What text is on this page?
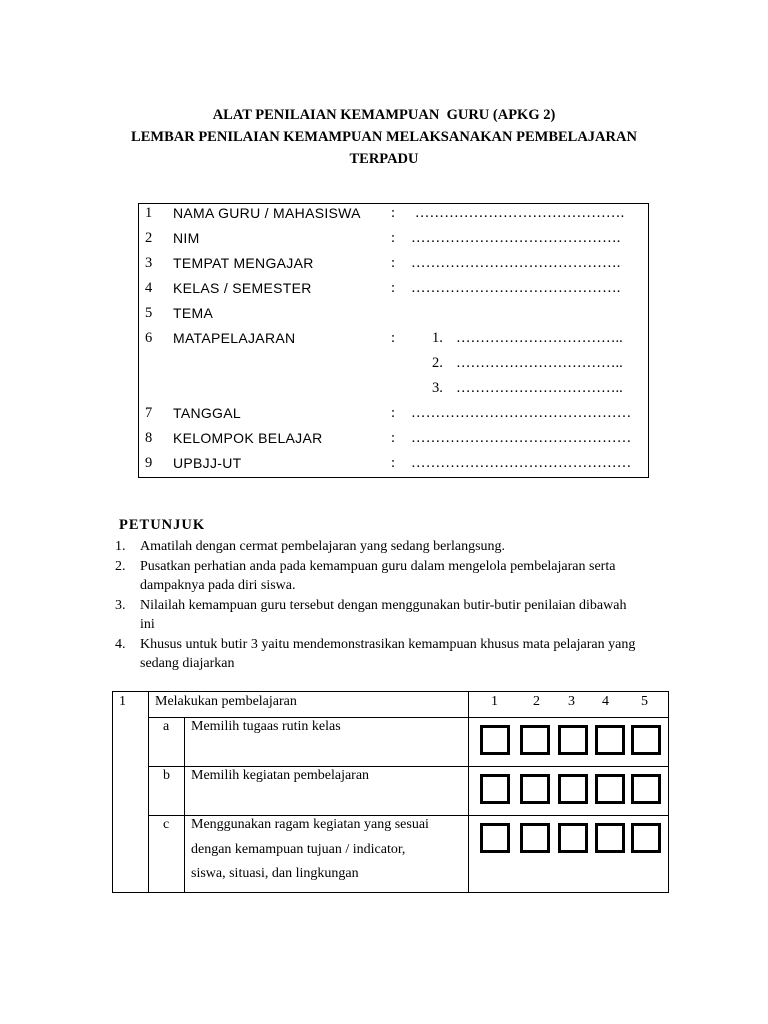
ALAT PENILAIAN KEMAMPUAN  GURU (APKG 2)
LEMBAR PENILAIAN KEMAMPUAN MELAKSANAKAN PEMBELAJARAN
TERPADU
1 NAMA GURU / MAHASISWA : …………………………………….
2 NIM	: …………………………………….
3 TEMPAT MENGAJAR	: …………………………………….
4 KELAS / SEMESTER	: …………………………………….
5 TEMA
6 MATAPELAJARAN	:	1. ……………………………..
2. ……………………………..
3. ……………………………..
7 TANGGAL	: ………………………………………
8 KELOMPOK BELAJAR	: ………………………………………
9 UPBJJ-UT	: ………………………………………
PETUNJUK
1. Amatilah dengan cermat pembelajaran yang sedang berlangsung.
2. Pusatkan perhatian anda pada kemampuan guru dalam mengelola pembelajaran serta dampaknya pada diri siswa.
3. Nilailah kemampuan guru tersebut dengan menggunakan butir-butir penilaian dibawah ini
4. Khusus untuk butir 3 yaitu mendemonstrasikan kemampuan khusus mata pelajaran yang sedang diajarkan
1 Melakukan pembelajaran	1	2 3 4 5
a Memilih tugaas rutin kelas
b Memilih kegiatan pembelajaran
c Menggunakan ragam kegiatan yang sesuai
dengan kemampuan tujuan / indicator,
siswa, situasi, dan lingkungan
